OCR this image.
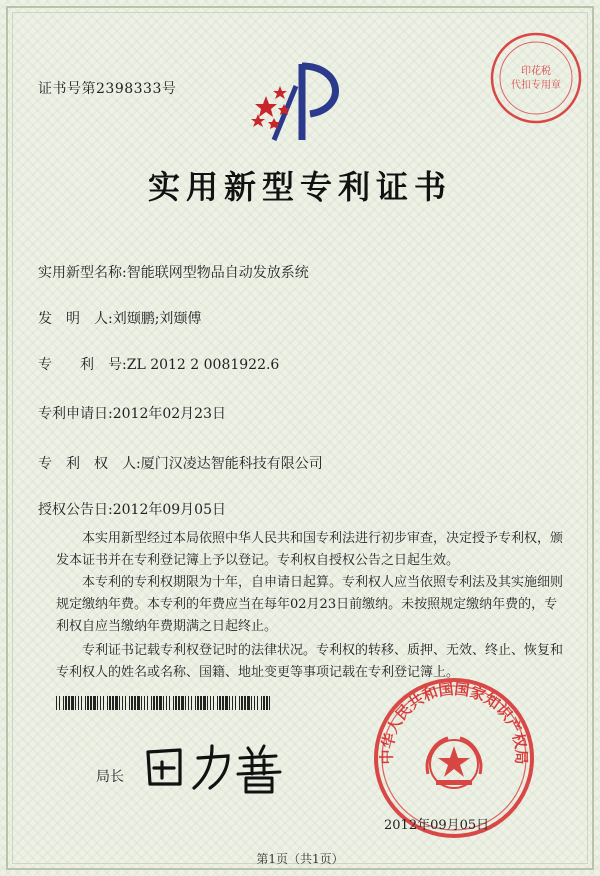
印花税
代扣专用章
证书号第2398333号
实用新型专利证书
实用新型名称:智能联网型物品自动发放系统
发　明　人:刘颋鹏;刘颋傅
专　　利　号:ZL 2012 2 0081922.6
专利申请日:2012年02月23日
专　利　权　人:厦门汉凌达智能科技有限公司
授权公告日:2012年09月05日
本实用新型经过本局依照中华人民共和国专利法进行初步审查，决定授予专利权，颁
发本证书并在专利登记簿上予以登记。专利权自授权公告之日起生效。
本专利的专利权期限为十年，自申请日起算。专利权人应当依照专利法及其实施细则
规定缴纳年费。本专利的年费应当在每年02月23日前缴纳。未按照规定缴纳年费的，专
利权自应当缴纳年费期满之日起终止。
专利证书记载专利权登记时的法律状况。专利权的转移、质押、无效、终止、恢复和
专利权人的姓名或名称、国籍、地址变更等事项记载在专利登记簿上。
局长
中华人民共和国国家知识产权局
2012年09月05日
第1页（共1页）
